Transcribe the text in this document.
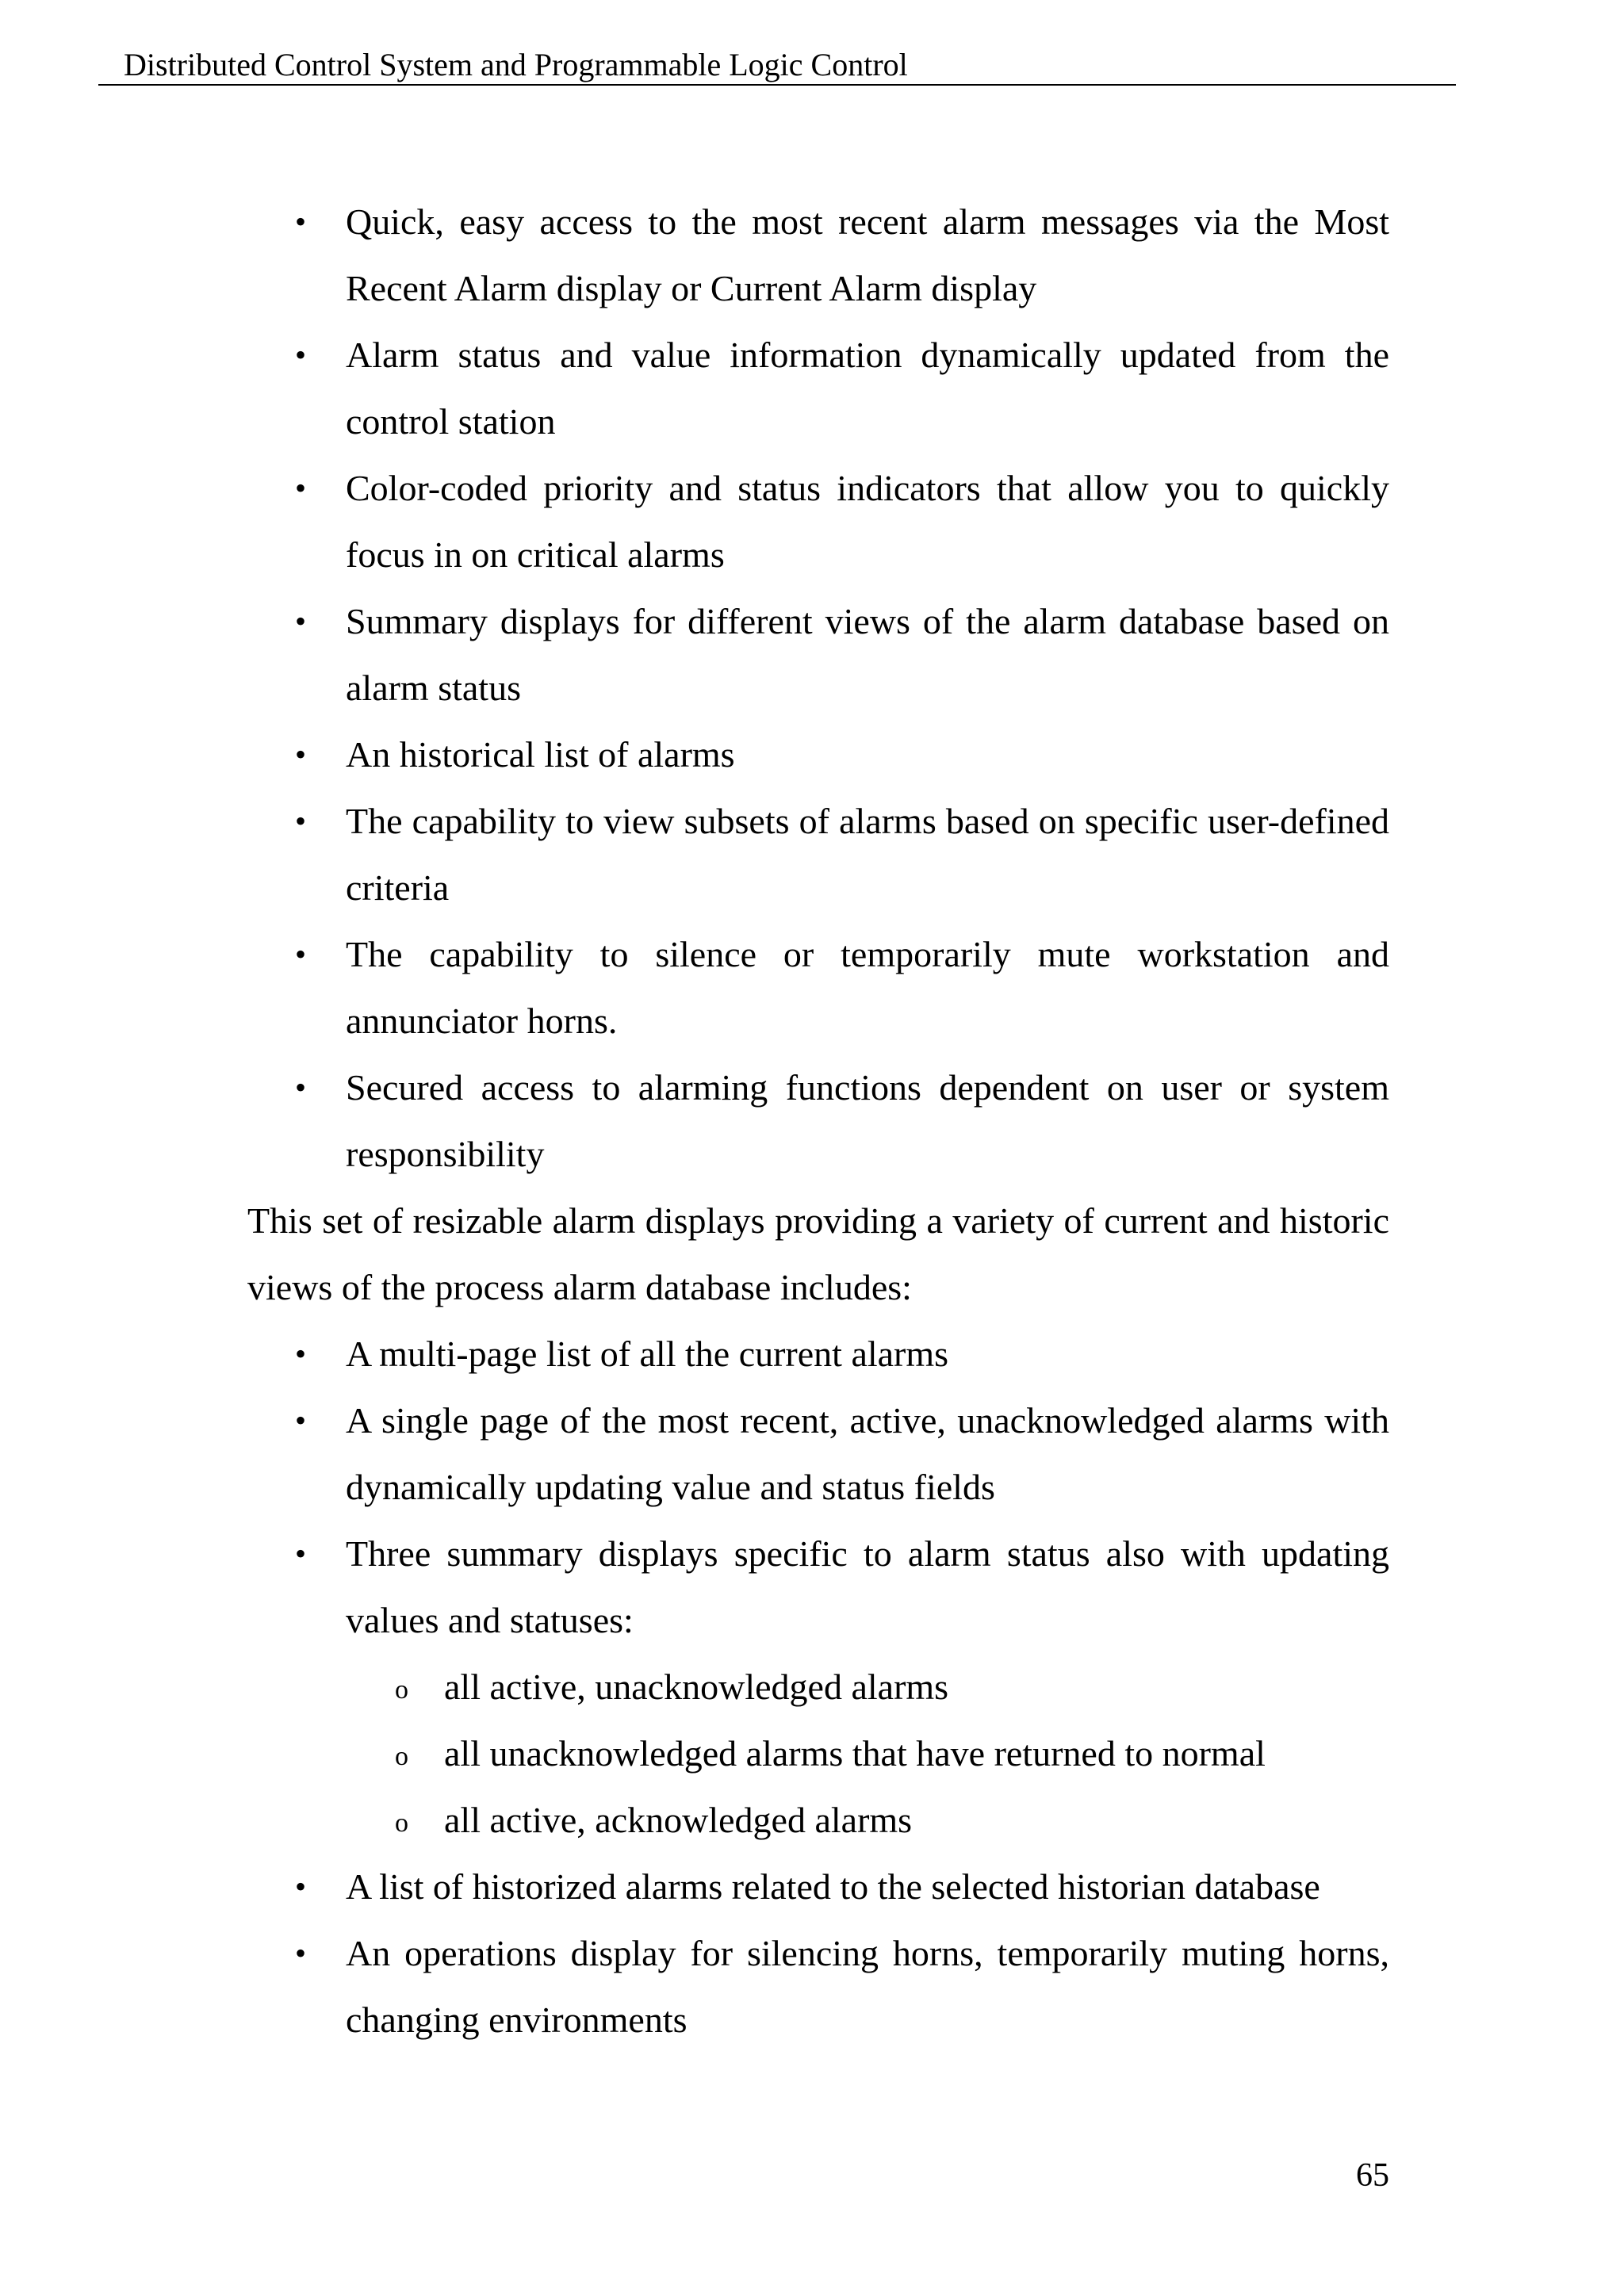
Distributed Control System and Programmable Logic Control
• Quick, easy access to the most recent alarm messages via the Most Recent Alarm display or Current Alarm display
• Alarm status and value information dynamically updated from the control station
• Color-coded priority and status indicators that allow you to quickly focus in on critical alarms
• Summary displays for different views of the alarm database based on alarm status
• An historical list of alarms
• The capability to view subsets of alarms based on specific user-defined criteria
• The capability to silence or temporarily mute workstation and annunciator horns.
• Secured access to alarming functions dependent on user or system responsibility

This set of resizable alarm displays providing a variety of current and historic views of the process alarm database includes:

• A multi-page list of all the current alarms
• A single page of the most recent, active, unacknowledged alarms with dynamically updating value and status fields
• Three summary displays specific to alarm status also with updating values and statuses:
o all active, unacknowledged alarms
o all unacknowledged alarms that have returned to normal
o all active, acknowledged alarms
• A list of historized alarms related to the selected historian database
• An operations display for silencing horns, temporarily muting horns, changing environments
65
